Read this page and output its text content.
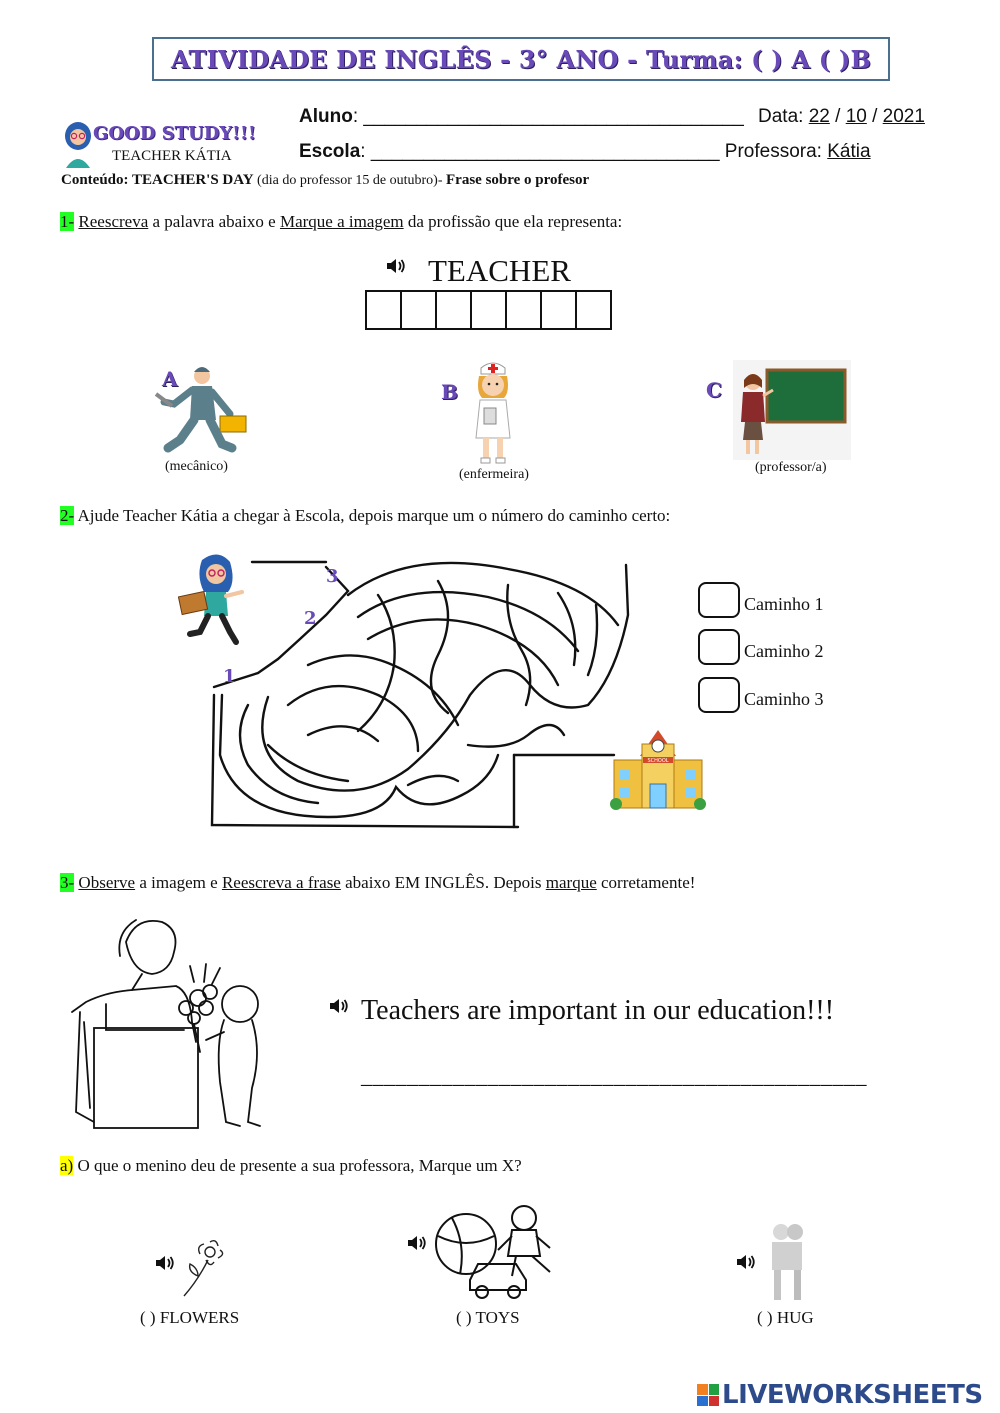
ATIVIDADE DE INGLÊS - 3° ANO - Turma: ( ) A ( )B
GOOD STUDY!!!
TEACHER KÁTIA
Aluno: ____________________________________ Data: 22 / 10 / 2021
Escola: _________________________________ Professora: Kátia
Conteúdo: TEACHER'S DAY (dia do professor 15 de outubro)- Frase sobre o profesor
1- Reescreva a palavra abaixo e Marque a imagem da profissão que ela representa:
TEACHER
A
(mecânico)
B
(enfermeira)
C
(professor/a)
2- Ajude Teacher Kátia a chegar à Escola, depois marque um o número do caminho certo:
3
2
1
SCHOOL
Caminho 1
Caminho 2
Caminho 3
3- Observe a imagem e Reescreva a frase abaixo EM INGLÊS. Depois marque corretamente!
Teachers are important in our education!!!
____________________________________________
a) O que o menino deu de presente a sua professora, Marque um X?
( ) FLOWERS	( ) TOYS	( ) HUG
LIVEWORKSHEETS
